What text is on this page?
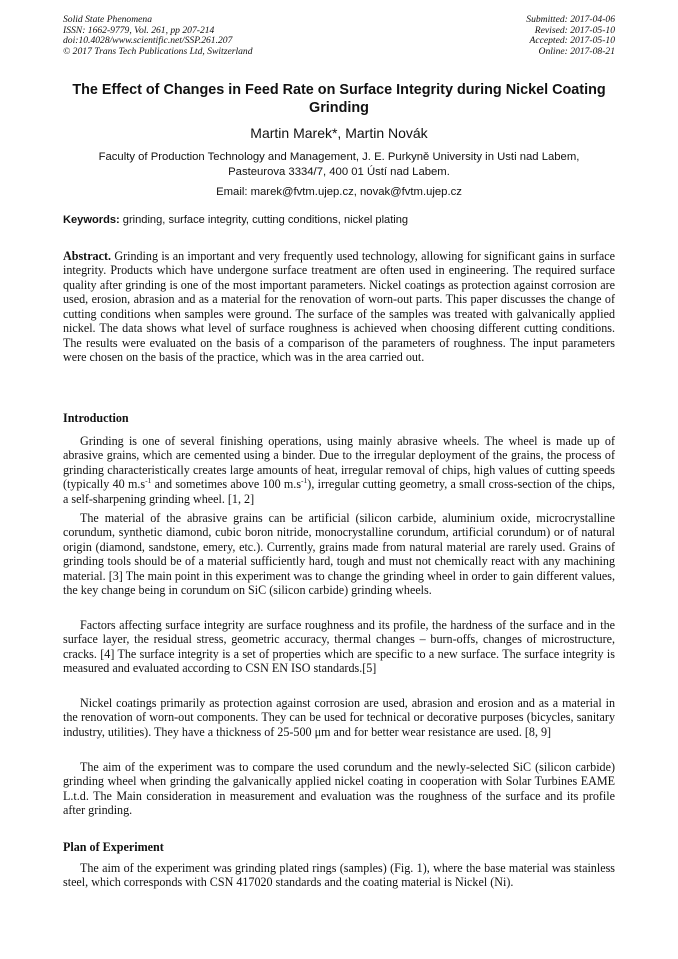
Solid State Phenomena
ISSN: 1662-9779, Vol. 261, pp 207-214
doi:10.4028/www.scientific.net/SSP.261.207
© 2017 Trans Tech Publications Ltd, Switzerland
Submitted: 2017-04-06
Revised: 2017-05-10
Accepted: 2017-05-10
Online: 2017-08-21
The Effect of Changes in Feed Rate on Surface Integrity during Nickel Coating Grinding
Martin Marek*, Martin Novák
Faculty of Production Technology and Management, J. E. Purkyně University in Usti nad Labem,
Pasteurova 3334/7, 400 01 Ústí nad Labem.
Email: marek@fvtm.ujep.cz, novak@fvtm.ujep.cz
Keywords: grinding, surface integrity, cutting conditions, nickel plating

Abstract. Grinding is an important and very frequently used technology, allowing for significant gains in surface integrity. Products which have undergone surface treatment are often used in engineering. The required surface quality after grinding is one of the most important parameters. Nickel coatings as protection against corrosion are used, erosion, abrasion and as a material for the renovation of worn-out parts. This paper discusses the change of cutting conditions when samples were ground. The surface of the samples was treated with galvanically applied nickel. The data shows what level of surface roughness is achieved when choosing different cutting conditions. The results were evaluated on the basis of a comparison of the parameters of roughness. The input parameters were chosen on the basis of the practice, which was in the area carried out.

Introduction

Grinding is one of several finishing operations, using mainly abrasive wheels. The wheel is made up of abrasive grains, which are cemented using a binder. Due to the irregular deployment of the grains, the process of grinding characteristically creates large amounts of heat, irregular removal of chips, high values of cutting speeds (typically 40 $m.s^{-1}$ and sometimes above 100 $m.s^{-1}$), irregular cutting geometry, a small cross-section of the chips, a self-sharpening grinding wheel. [1, 2]

The material of the abrasive grains can be artificial (silicon carbide, aluminium oxide, microcrystalline corundum, synthetic diamond, cubic boron nitride, monocrystalline corundum, artificial corundum) or of natural origin (diamond, sandstone, emery, etc.). Currently, grains made from natural material are rarely used. Grains of grinding tools should be of a material sufficiently hard, tough and must not chemically react with any machining material. [3] The main point in this experiment was to change the grinding wheel in order to gain different values, the key change being in corundum on SiC (silicon carbide) grinding wheels.

Factors affecting surface integrity are surface roughness and its profile, the hardness of the surface and in the surface layer, the residual stress, geometric accuracy, thermal changes – burn-offs, changes of microstructure, cracks. [4] The surface integrity is a set of properties which are specific to a new surface. The surface integrity is measured and evaluated according to CSN EN ISO standards.[5]

Nickel coatings primarily as protection against corrosion are used, abrasion and erosion and as a material in the renovation of worn-out components. They can be used for technical or decorative purposes (bicycles, sanitary industry, utilities). They have a thickness of 25-500 μm and for better wear resistance are used. [8, 9]

The aim of the experiment was to compare the used corundum and the newly-selected SiC (silicon carbide) grinding wheel when grinding the galvanically applied nickel coating in cooperation with Solar Turbines EAME L.t.d. The Main consideration in measurement and evaluation was the roughness of the surface and its profile after grinding.

Plan of Experiment

The aim of the experiment was grinding plated rings (samples) (Fig. 1), where the base material was stainless steel, which corresponds with CSN 417020 standards and the coating material is Nickel (Ni).
